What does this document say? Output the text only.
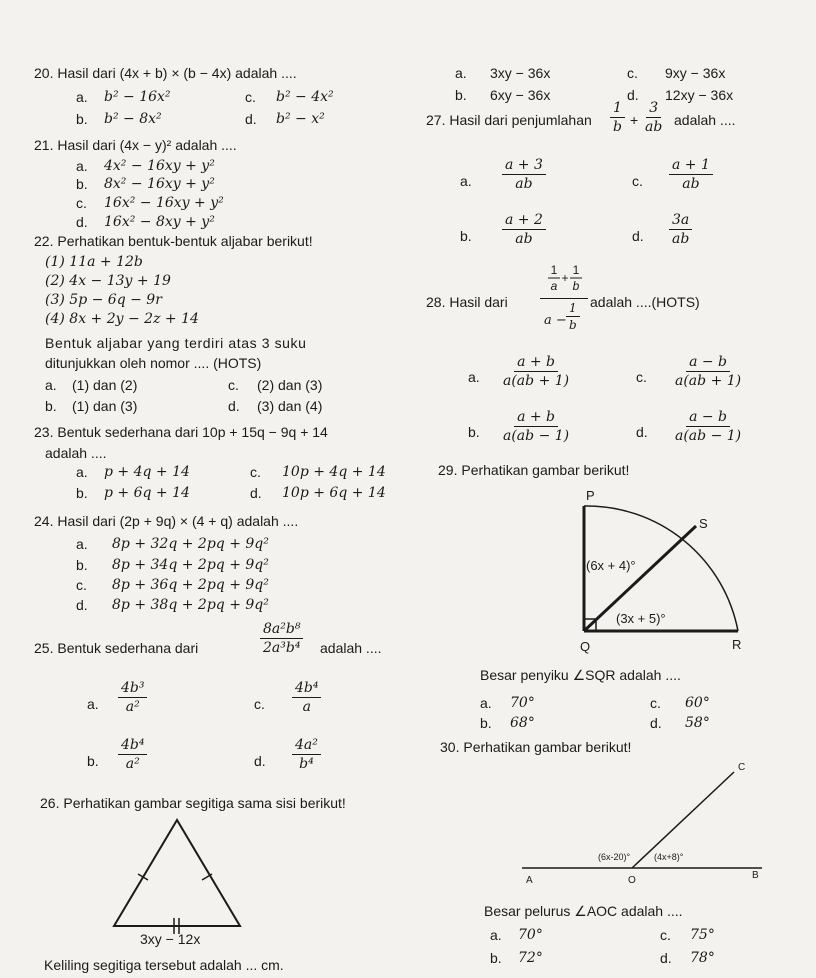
20. Hasil dari (4x + b) × (b − 4x) adalah ....
a. b² − 16x²
b. b² − 8x²
c. b² − 4x²
d. b² − x²
21. Hasil dari (4x − y)² adalah ....
a. 4x² − 16xy + y²
b. 8x² − 16xy + y²
c. 16x² − 16xy + y²
d. 16x² − 8xy + y²
22. Perhatikan bentuk-bentuk aljabar berikut!
(1) 11a + 12b
(2) 4x − 13y + 19
(3) 5p − 6q − 9r
(4) 8x + 2y − 2z + 14
Bentuk aljabar yang terdiri atas 3 suku
ditunjukkan oleh nomor .... (HOTS)
a. (1) dan (2)
b. (1) dan (3)
c. (2) dan (3)
d. (3) dan (4)
23. Bentuk sederhana dari 10p + 15q − 9q + 14
adalah ....
a. p + 4q + 14
b. p + 6q + 14
c. 10p + 4q + 14
d. 10p + 6q + 14
24. Hasil dari (2p + 9q) × (4 + q) adalah ....
a. 8p + 32q + 2pq + 9q²
b. 8p + 34q + 2pq + 9q²
c. 8p + 36q + 2pq + 9q²
d. 8p + 38q + 2pq + 9q²
25. Bentuk sederhana dari	$\frac{\text{8a²b⁸}}{\text{2a³b⁴}}$ adalah ....
a. $\frac{\text{4b³}}{\text{a²}}$
b. $\frac{\text{4b⁴}}{\text{a²}}$
c. $\frac{\text{4b⁴}}{a}$
d. $\frac{\text{4a²}}{\text{b⁴}}$
26. Perhatikan gambar segitiga sama sisi berikut!
3xy − 12x
Keliling segitiga tersebut adalah ... cm.
a. 3xy − 36x
b. 6xy − 36x
c. 9xy − 36x
d. 12xy − 36x
27. Hasil dari penjumlahan $\frac{1}{b} + \frac{3}{ab}$ adalah ....
a. $\frac{a + 3}{ab}$
b. $\frac{a + 2}{ab}$
c. $\frac{a + 1}{ab}$
d. $\frac{3a}{ab}$
28. Hasil dari
1
a
+
1
b
$a - \frac{1}{b}$ adalah ....(HOTS)
a. $\frac{a + b}{a(ab + 1)}$
b. $\frac{a + b}{a(ab - 1)}$
c. $\frac{a - b}{a(ab + 1)}$
d. $\frac{a - b}{a(ab - 1)}$
29. Perhatikan gambar berikut!
P
S
Q	R
(6x + 4)°
(3x + 5)°
Besar penyiku ∠SQR adalah ....
a. 70°
b. 68°
c. 60°
d. 58°
30. Perhatikan gambar berikut!
C
A	O	B
(6x-20)°	(4x+8)°
Besar pelurus ∠AOC adalah ....
a. 70°
b. 72°
c. 75°
d. 78°
